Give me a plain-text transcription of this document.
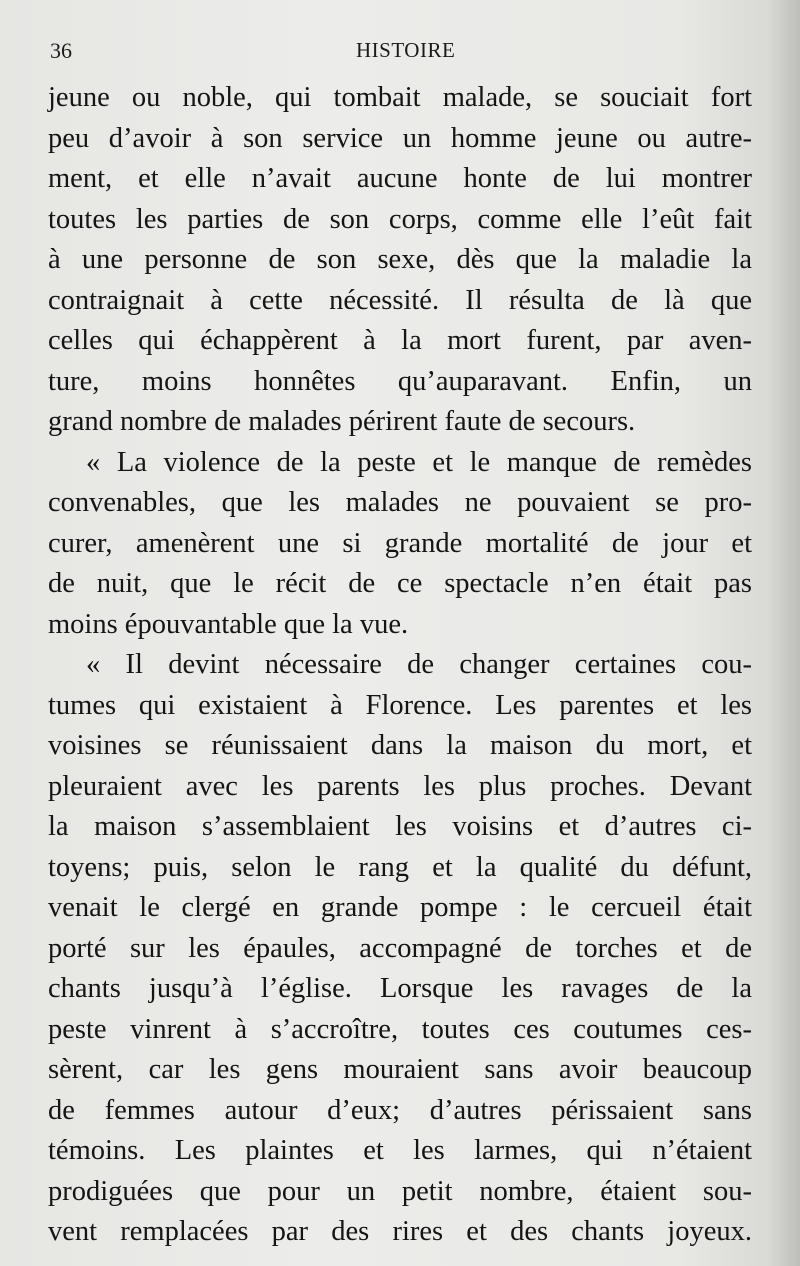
36	HISTOIRE
jeune ou noble, qui tombait malade, se souciait fort
peu d’avoir à son service un homme jeune ou autre-
ment, et elle n’avait aucune honte de lui montrer
toutes les parties de son corps, comme elle l’eût fait
à une personne de son sexe, dès que la maladie la
contraignait à cette nécessité. Il résulta de là que
celles qui échappèrent à la mort furent, par aven-
ture, moins honnêtes qu’auparavant. Enfin, un
grand nombre de malades périrent faute de secours.
« La violence de la peste et le manque de remèdes
convenables, que les malades ne pouvaient se pro-
curer, amenèrent une si grande mortalité de jour et
de nuit, que le récit de ce spectacle n’en était pas
moins épouvantable que la vue.
« Il devint nécessaire de changer certaines cou-
tumes qui existaient à Florence. Les parentes et les
voisines se réunissaient dans la maison du mort, et
pleuraient avec les parents les plus proches. Devant
la maison s’assemblaient les voisins et d’autres ci-
toyens; puis, selon le rang et la qualité du défunt,
venait le clergé en grande pompe : le cercueil était
porté sur les épaules, accompagné de torches et de
chants jusqu’à l’église. Lorsque les ravages de la
peste vinrent à s’accroître, toutes ces coutumes ces-
sèrent, car les gens mouraient sans avoir beaucoup
de femmes autour d’eux; d’autres périssaient sans
témoins. Les plaintes et les larmes, qui n’étaient
prodiguées que pour un petit nombre, étaient sou-
vent remplacées par des rires et des chants joyeux.
